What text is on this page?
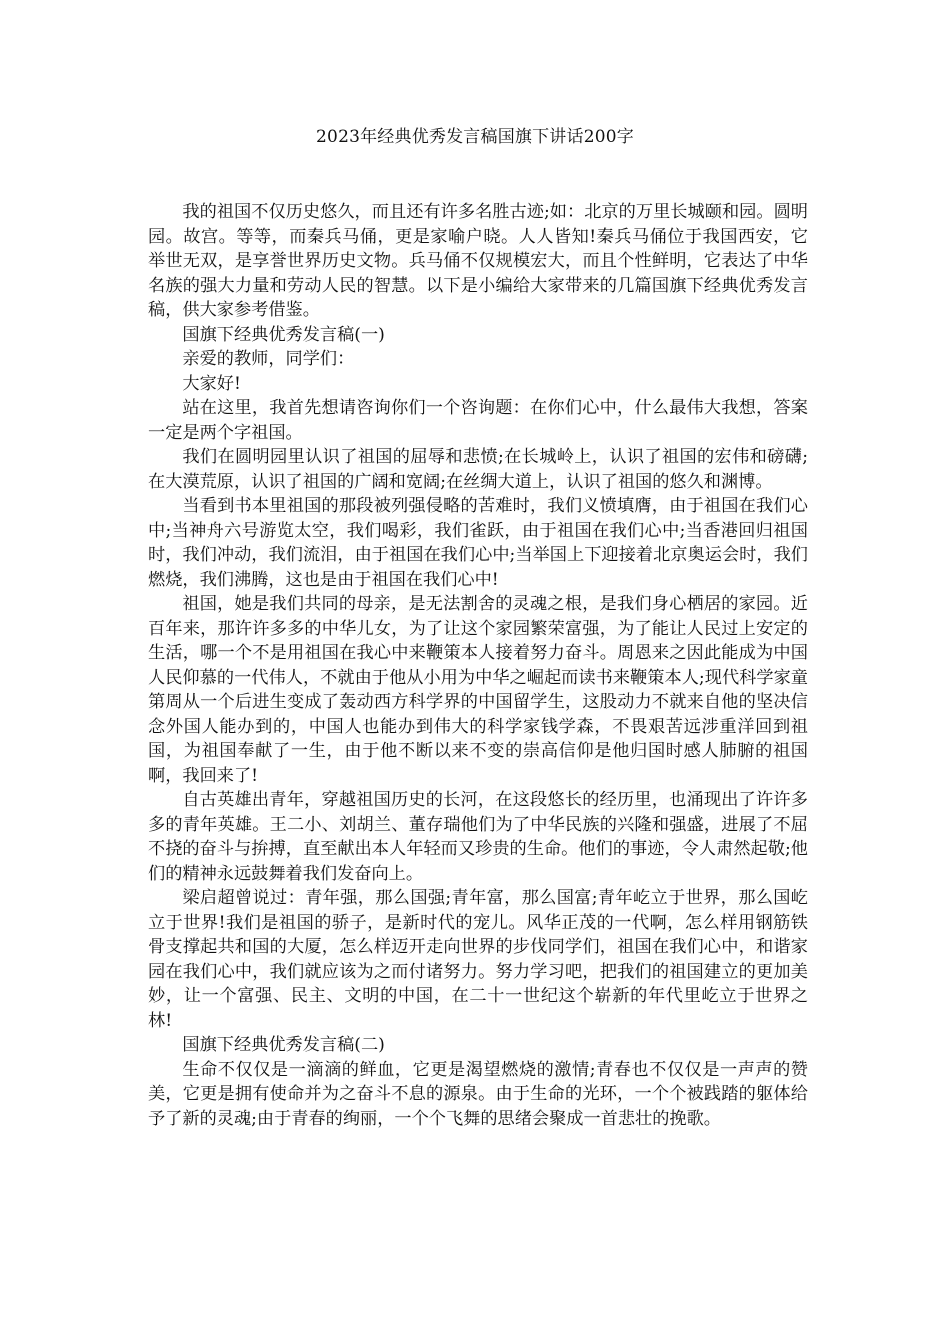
2023年经典优秀发言稿国旗下讲话200字

我的祖国不仅历史悠久，而且还有许多名胜古迹;如：北京的万里长城颐和园。圆明园。故宫。等等，而秦兵马俑，更是家喻户晓。人人皆知!秦兵马俑位于我国西安，它举世无双，是享誉世界历史文物。兵马俑不仅规模宏大，而且个性鲜明，它表达了中华名族的强大力量和劳动人民的智慧。以下是小编给大家带来的几篇国旗下经典优秀发言稿，供大家参考借鉴。

国旗下经典优秀发言稿(一)

亲爱的教师，同学们：

大家好!

站在这里，我首先想请咨询你们一个咨询题：在你们心中，什么最伟大我想，答案一定是两个字祖国。

我们在圆明园里认识了祖国的屈辱和悲愤;在长城岭上，认识了祖国的宏伟和磅礴;在大漠荒原，认识了祖国的广阔和宽阔;在丝绸大道上，认识了祖国的悠久和渊博。

当看到书本里祖国的那段被列强侵略的苦难时，我们义愤填膺，由于祖国在我们心中;当神舟六号游览太空，我们喝彩，我们雀跃，由于祖国在我们心中;当香港回归祖国时，我们冲动，我们流泪，由于祖国在我们心中;当举国上下迎接着北京奥运会时，我们燃烧，我们沸腾，这也是由于祖国在我们心中!

祖国，她是我们共同的母亲，是无法割舍的灵魂之根，是我们身心栖居的家园。近百年来，那许许多多的中华儿女，为了让这个家园繁荣富强，为了能让人民过上安定的生活，哪一个不是用祖国在我心中来鞭策本人接着努力奋斗。周恩来之因此能成为中国人民仰慕的一代伟人，不就由于他从小用为中华之崛起而读书来鞭策本人;现代科学家童第周从一个后进生变成了轰动西方科学界的中国留学生，这股动力不就来自他的坚决信念外国人能办到的，中国人也能办到伟大的科学家钱学森，不畏艰苦远涉重洋回到祖国，为祖国奉献了一生，由于他不断以来不变的崇高信仰是他归国时感人肺腑的祖国啊，我回来了!

自古英雄出青年，穿越祖国历史的长河，在这段悠长的经历里，也涌现出了许许多多的青年英雄。王二小、刘胡兰、董存瑞他们为了中华民族的兴隆和强盛，进展了不屈不挠的奋斗与拚搏，直至献出本人年轻而又珍贵的生命。他们的事迹，令人肃然起敬;他们的精神永远鼓舞着我们发奋向上。

梁启超曾说过：青年强，那么国强;青年富，那么国富;青年屹立于世界，那么国屹立于世界!我们是祖国的骄子，是新时代的宠儿。风华正茂的一代啊，怎么样用钢筋铁骨支撑起共和国的大厦，怎么样迈开走向世界的步伐同学们，祖国在我们心中，和谐家园在我们心中，我们就应该为之而付诸努力。努力学习吧，把我们的祖国建立的更加美妙，让一个富强、民主、文明的中国，在二十一世纪这个崭新的年代里屹立于世界之林!

国旗下经典优秀发言稿(二)

生命不仅仅是一滴滴的鲜血，它更是渴望燃烧的激情;青春也不仅仅是一声声的赞美，它更是拥有使命并为之奋斗不息的源泉。由于生命的光环，一个个被践踏的躯体给予了新的灵魂;由于青春的绚丽，一个个飞舞的思绪会聚成一首悲壮的挽歌。
